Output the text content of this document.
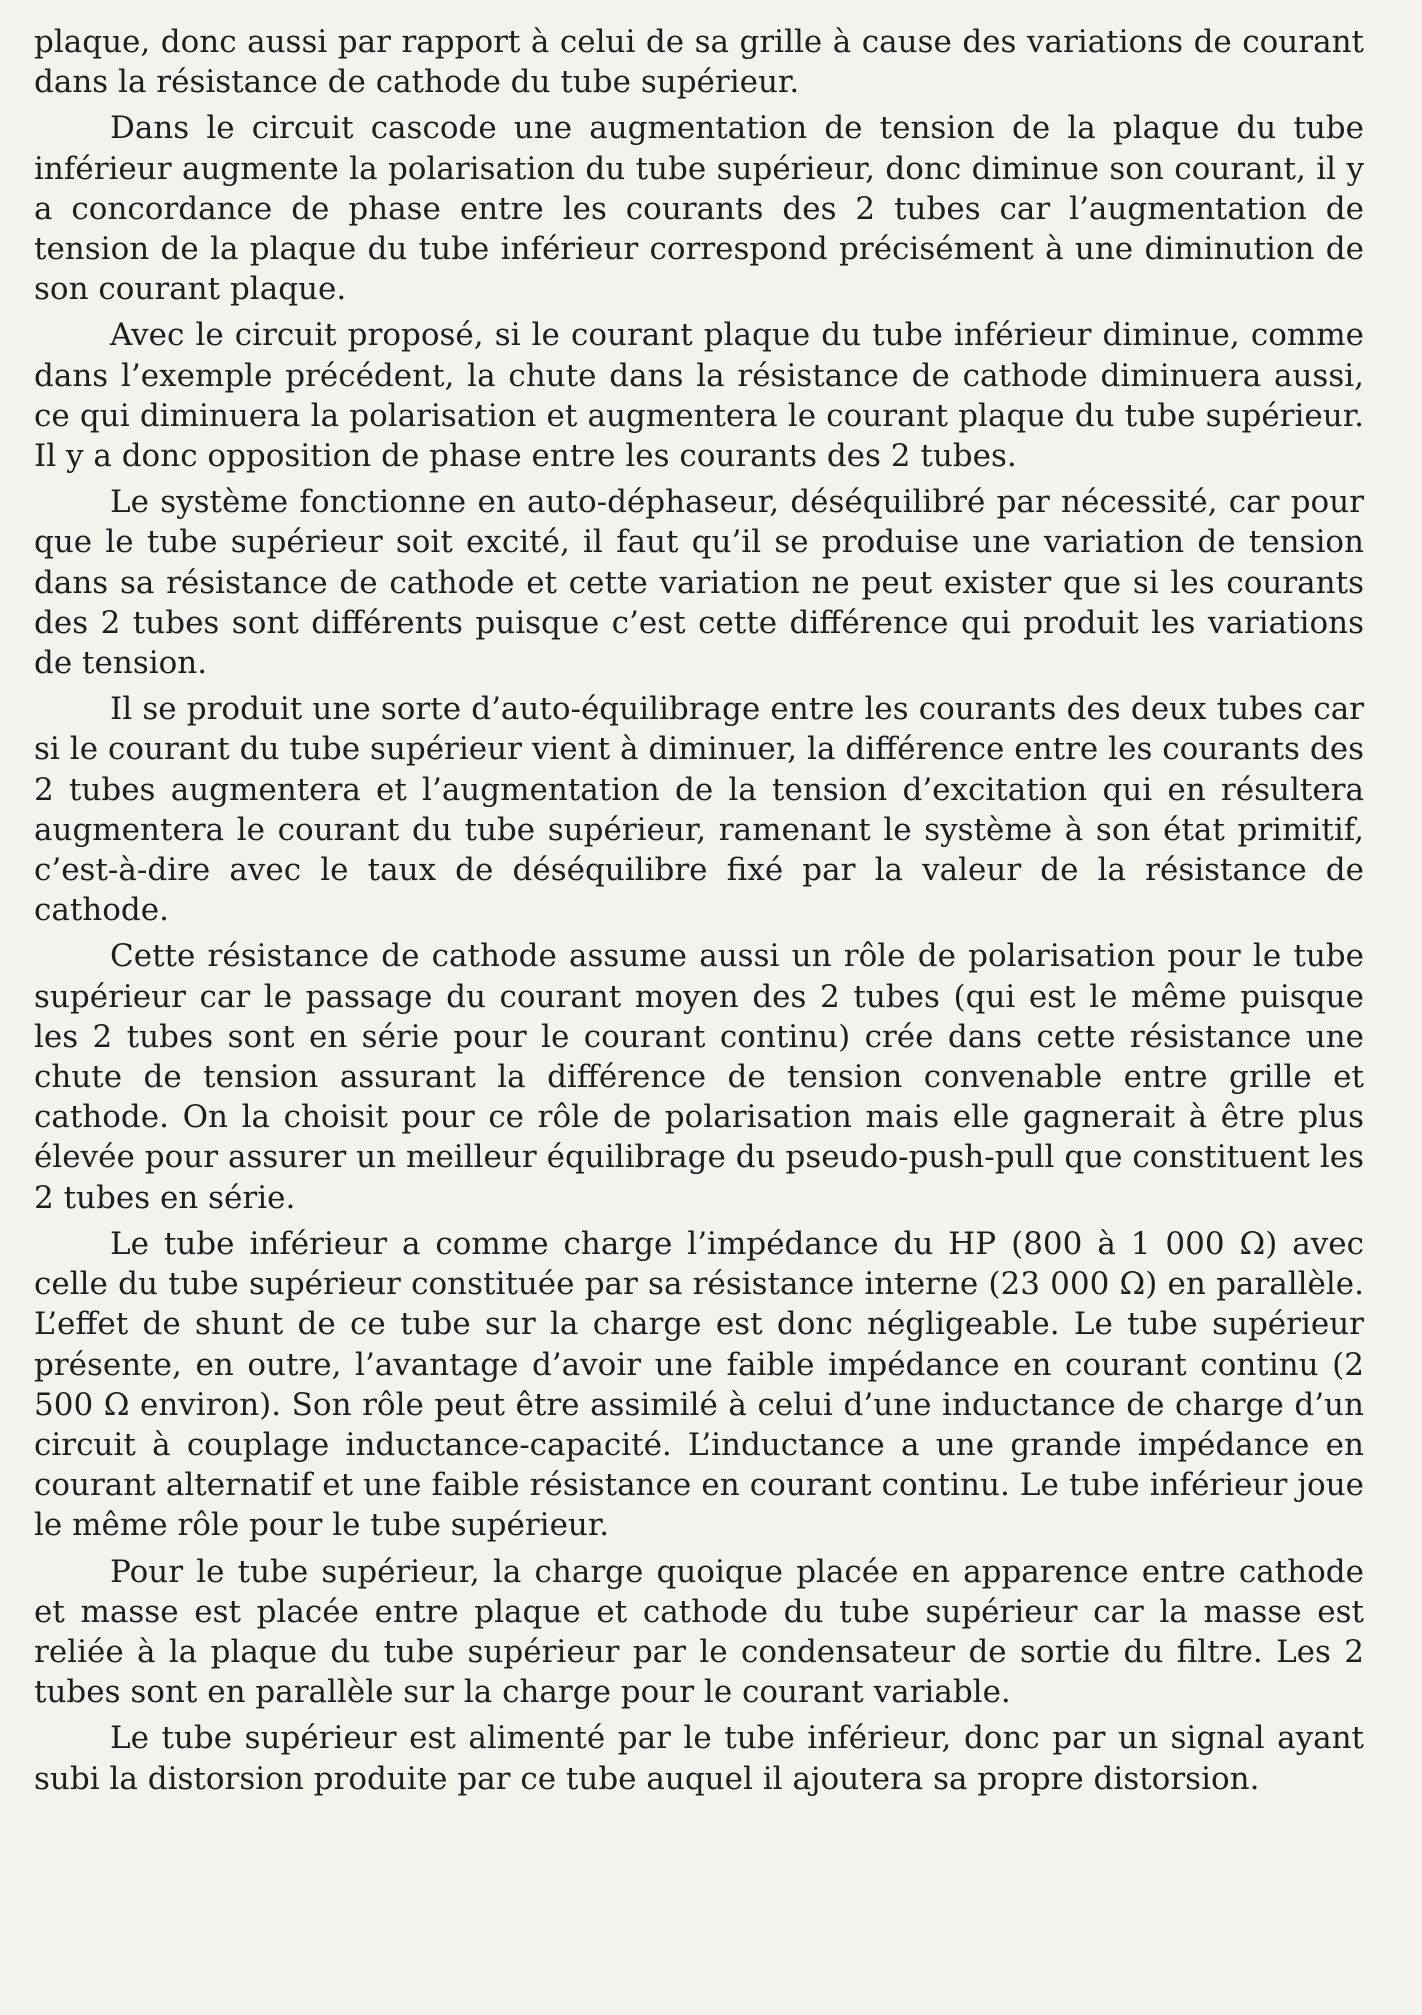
plaque, donc aussi par rapport à celui de sa grille à cause des variations de courant dans la résistance de cathode du tube supérieur.

Dans le circuit cascode une augmentation de tension de la plaque du tube inférieur augmente la polarisation du tube supérieur, donc diminue son courant, il y a concordance de phase entre les courants des 2 tubes car l’augmentation de tension de la plaque du tube inférieur correspond précisément à une diminution de son courant plaque.

Avec le circuit proposé, si le courant plaque du tube inférieur diminue, comme dans l’exemple précédent, la chute dans la résistance de cathode diminuera aussi, ce qui diminuera la polarisation et augmentera le courant plaque du tube supérieur. Il y a donc opposition de phase entre les courants des 2 tubes.

Le système fonctionne en auto-déphaseur, déséquilibré par nécessité, car pour que le tube supérieur soit excité, il faut qu’il se produise une variation de tension dans sa résistance de cathode et cette variation ne peut exister que si les courants des 2 tubes sont différents puisque c’est cette différence qui produit les variations de tension.

Il se produit une sorte d’auto-équilibrage entre les courants des deux tubes car si le courant du tube supérieur vient à diminuer, la différence entre les courants des 2 tubes augmentera et l’augmentation de la tension d’excitation qui en résultera augmentera le courant du tube supérieur, ramenant le système à son état primitif, c’est-à-dire avec le taux de déséquilibre fixé par la valeur de la résistance de cathode.

Cette résistance de cathode assume aussi un rôle de polarisation pour le tube supérieur car le passage du courant moyen des 2 tubes (qui est le même puisque les 2 tubes sont en série pour le courant continu) crée dans cette résistance une chute de tension assurant la différence de tension convenable entre grille et cathode. On la choisit pour ce rôle de polarisation mais elle gagnerait à être plus élevée pour assurer un meilleur équilibrage du pseudo-push-pull que constituent les 2 tubes en série.

Le tube inférieur a comme charge l’impédance du HP (800 à 1 000 Ω) avec celle du tube supérieur constituée par sa résistance interne (23 000 Ω) en parallèle. L’effet de shunt de ce tube sur la charge est donc négligeable. Le tube supérieur présente, en outre, l’avantage d’avoir une faible impédance en courant continu (2 500 Ω environ). Son rôle peut être assimilé à celui d’une inductance de charge d’un circuit à couplage inductance-capacité. L’inductance a une grande impédance en courant alternatif et une faible résistance en courant continu. Le tube inférieur joue le même rôle pour le tube supérieur.

Pour le tube supérieur, la charge quoique placée en apparence entre cathode et masse est placée entre plaque et cathode du tube supérieur car la masse est reliée à la plaque du tube supérieur par le condensateur de sortie du filtre. Les 2 tubes sont en parallèle sur la charge pour le courant variable.

Le tube supérieur est alimenté par le tube inférieur, donc par un signal ayant subi la distorsion produite par ce tube auquel il ajoutera sa propre distorsion.
